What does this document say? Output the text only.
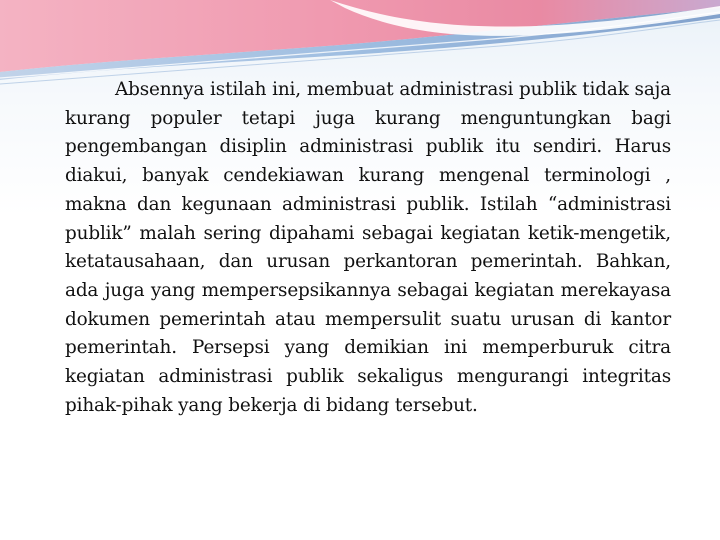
Absennya istilah ini, membuat administrasi publik tidak saja kurang populer tetapi juga kurang menguntungkan bagi pengembangan disiplin administrasi publik itu sendiri. Harus diakui, banyak cendekiawan kurang mengenal terminologi , makna dan kegunaan administrasi publik. Istilah “administrasi publik” malah sering dipahami sebagai kegiatan ketik-mengetik, ketatausahaan, dan urusan perkantoran pemerintah. Bahkan, ada juga yang mempersepsikannya sebagai kegiatan merekayasa dokumen pemerintah atau mempersulit suatu urusan di kantor pemerintah. Persepsi yang demikian ini memperburuk citra kegiatan administrasi publik sekaligus mengurangi integritas pihak-pihak yang bekerja di bidang tersebut.
